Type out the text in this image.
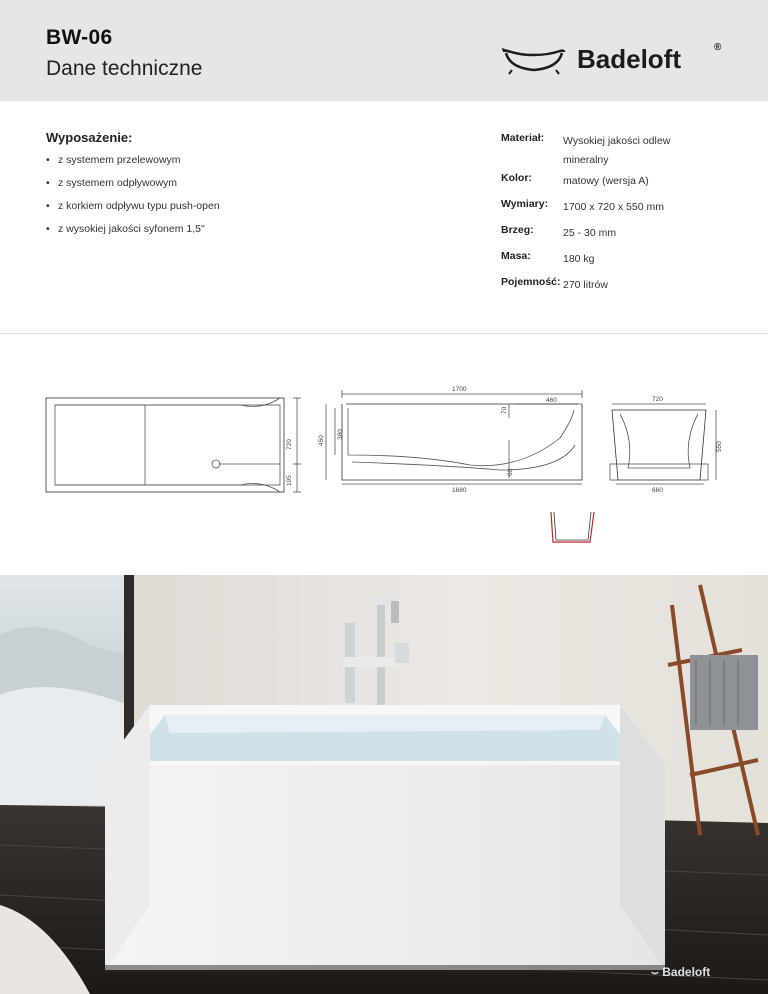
BW-06
Dane techniczne	Badeloft	®
Wyposażenie:
• z systemem przelewowym
• z systemem odpływowym
• z korkiem odpływu typu push-open
• z wysokiej jakości syfonem 1,5"
Materiał: Wysokiej jakości odlew mineralny
Kolor:	matowy (wersja A)
Wymiary: 1700 x 720 x 550 mm
Brzeg:	25 - 30 mm
Masa:	180 kg
Pojemność: 270 litrów
720
195
1700
460
70
450
380
60
1680
720
550
660
⌣ Badeloft
